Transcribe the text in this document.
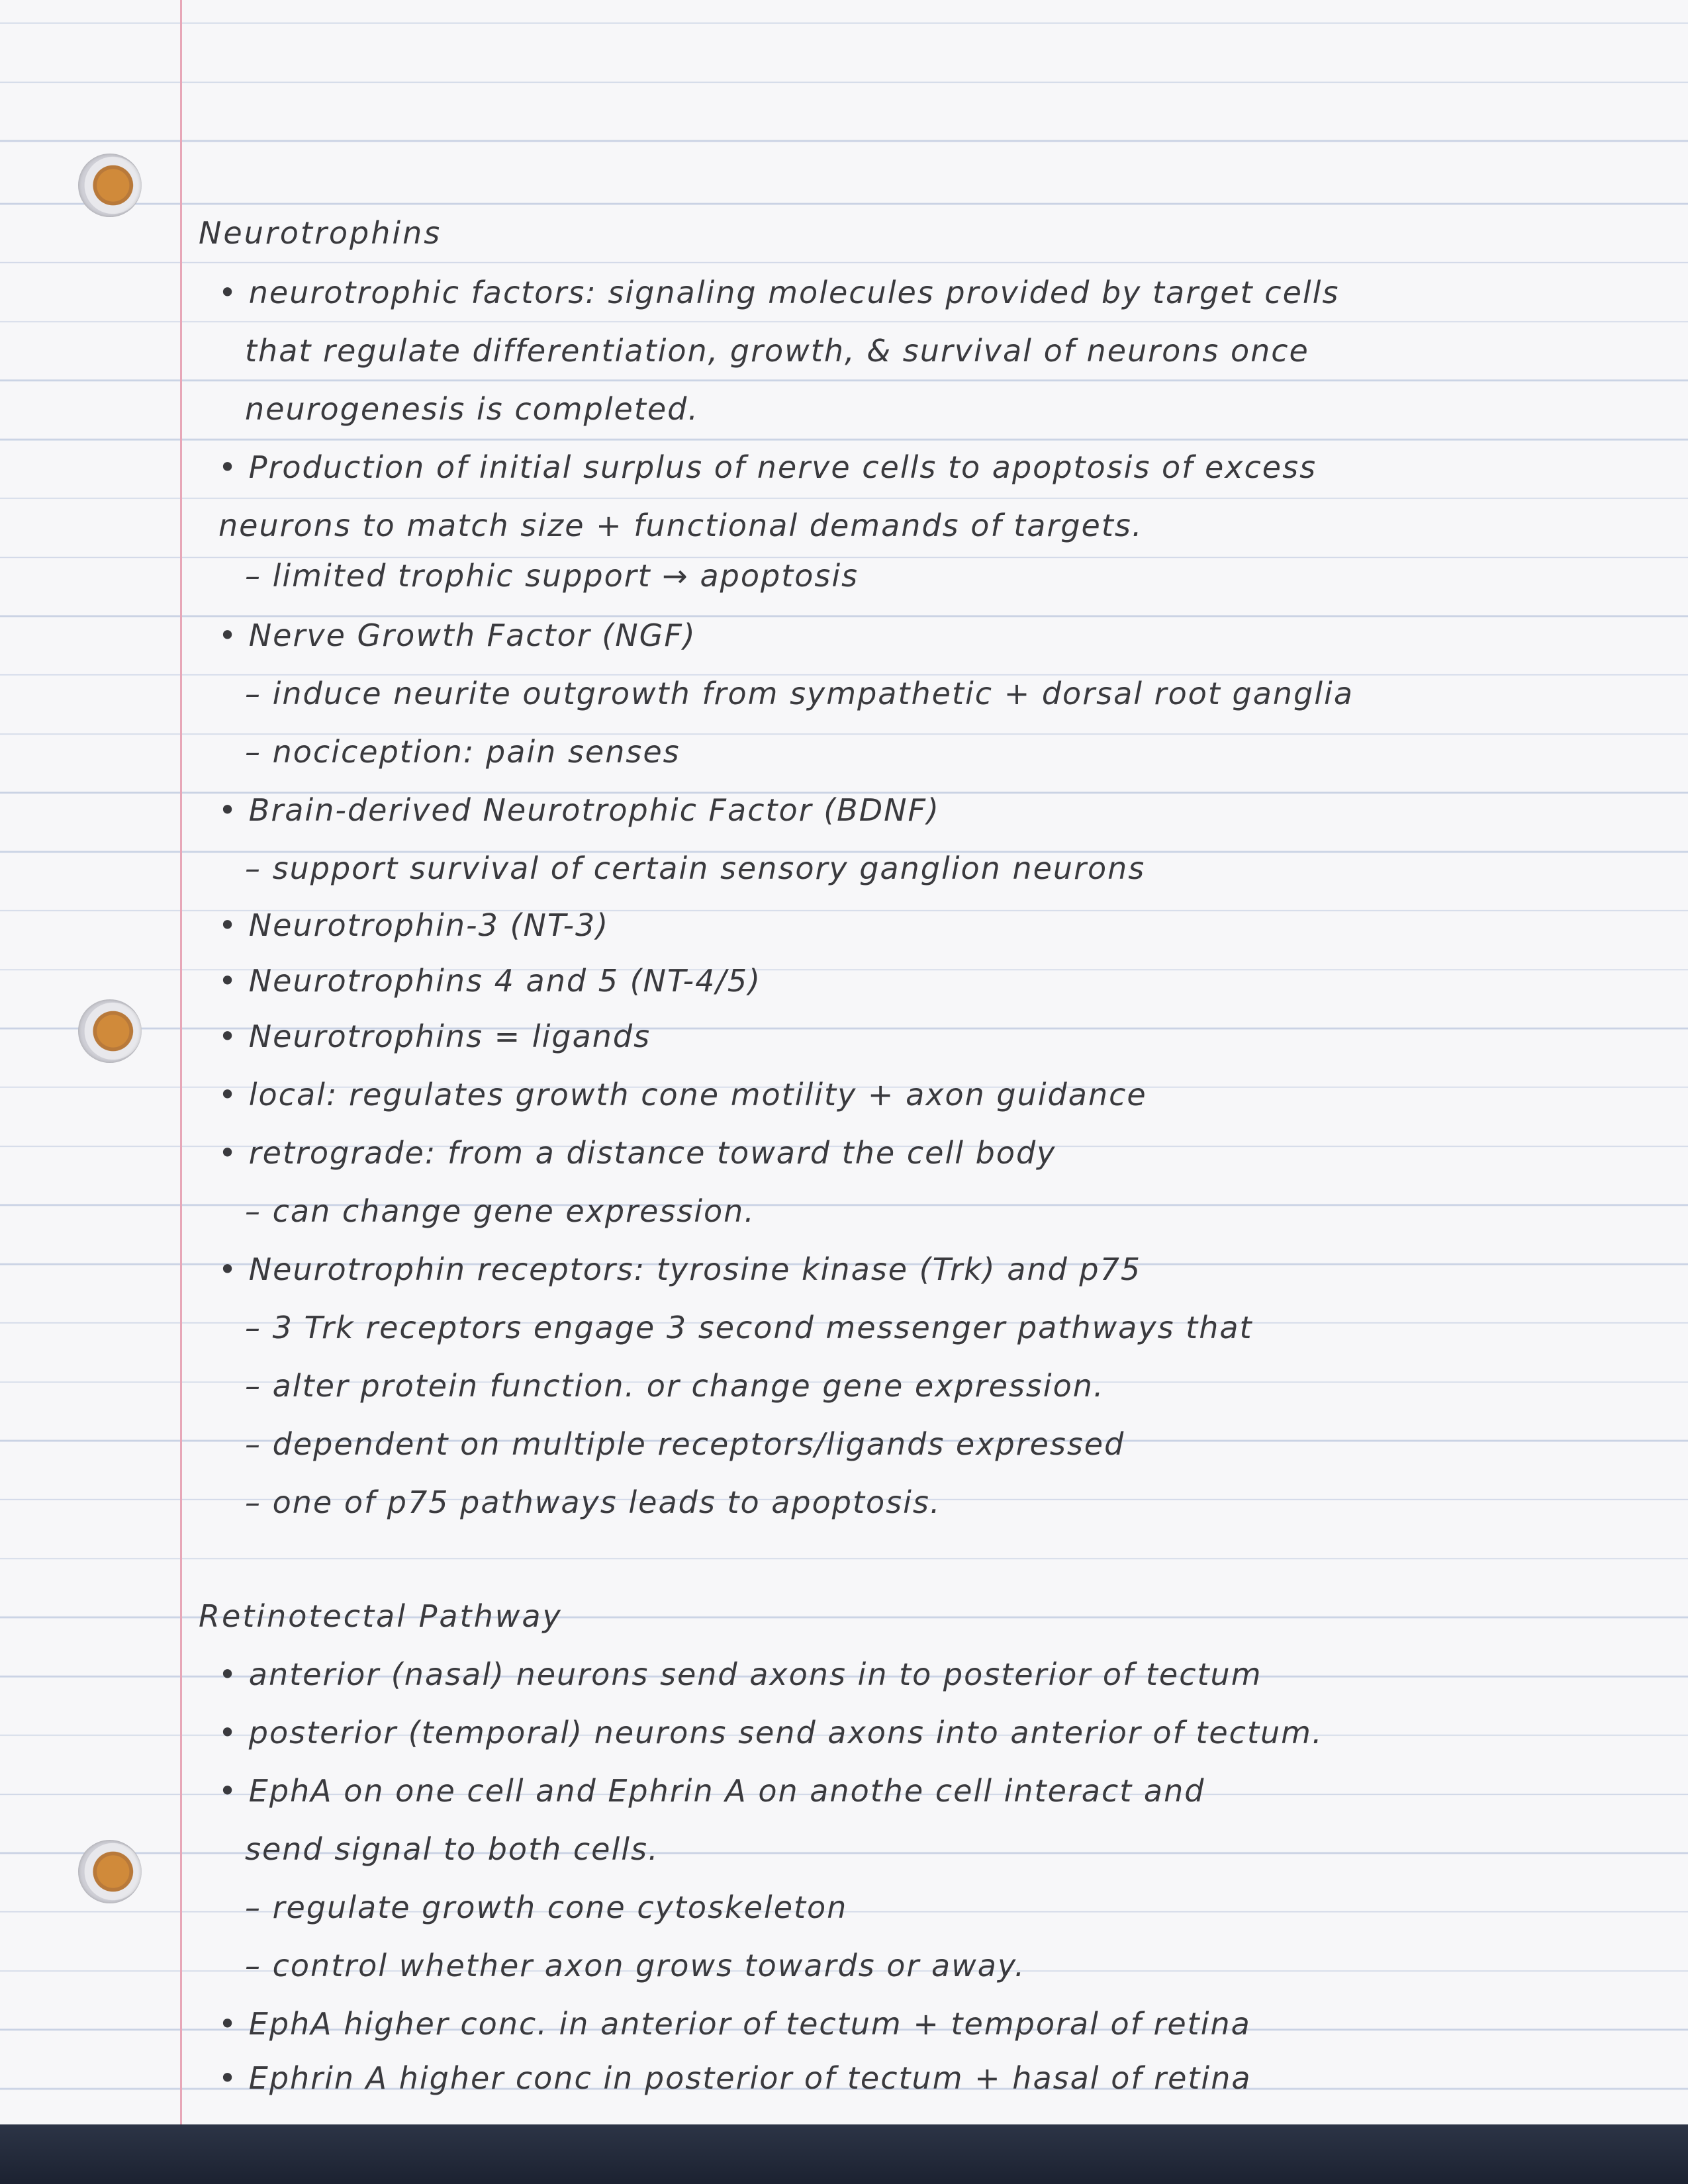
Neurotrophins
• neurotrophic factors: signaling molecules provided by target cells
that regulate differentiation, growth, & survival of neurons once
neurogenesis is completed.
• Production of initial surplus of nerve cells to apoptosis of excess
neurons to match size + functional demands of targets.
– limited trophic support → apoptosis
• Nerve Growth Factor (NGF)
– induce neurite outgrowth from sympathetic + dorsal root ganglia
– nociception: pain senses
• Brain-derived Neurotrophic Factor (BDNF)
– support survival of certain sensory ganglion neurons
• Neurotrophin-3 (NT-3)
• Neurotrophins 4 and 5 (NT-4/5)
• Neurotrophins = ligands
• local: regulates growth cone motility + axon guidance
• retrograde: from a distance toward the cell body
– can change gene expression.
• Neurotrophin receptors: tyrosine kinase (Trk) and p75
– 3 Trk receptors engage 3 second messenger pathways that
– alter protein function. or change gene expression.
– dependent on multiple receptors/ligands expressed
– one of p75 pathways leads to apoptosis.
Retinotectal Pathway
• anterior (nasal) neurons send axons in to posterior of tectum
• posterior (temporal) neurons send axons into anterior of tectum.
• EphA on one cell and Ephrin A on anothe cell interact and
send signal to both cells.
– regulate growth cone cytoskeleton
– control whether axon grows towards or away.
• EphA higher conc. in anterior of tectum + temporal of retina
• Ephrin A higher conc in posterior of tectum + hasal of retina
